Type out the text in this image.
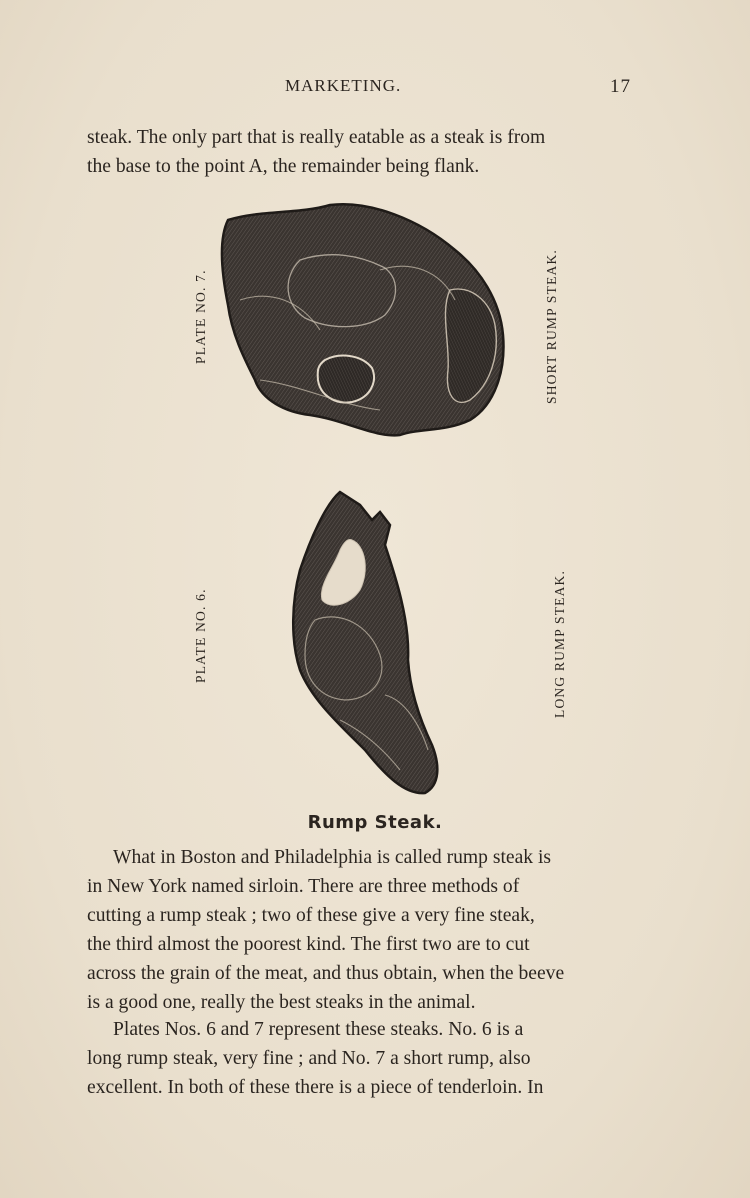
MARKETING.	17

steak. The only part that is really eatable as a steak is from
the base to the point A, the remainder being flank.

PLATE NO. 7.	SHORT RUMP STEAK.
PLATE NO. 6.	LONG RUMP STEAK.
Rump Steak.

What in Boston and Philadelphia is called rump steak is
in New York named sirloin. There are three methods of
cutting a rump steak ; two of these give a very fine steak,
the third almost the poorest kind. The first two are to cut
across the grain of the meat, and thus obtain, when the beeve
is a good one, really the best steaks in the animal.

Plates Nos. 6 and 7 represent these steaks. No. 6 is a
long rump steak, very fine ; and No. 7 a short rump, also
excellent. In both of these there is a piece of tenderloin. In
